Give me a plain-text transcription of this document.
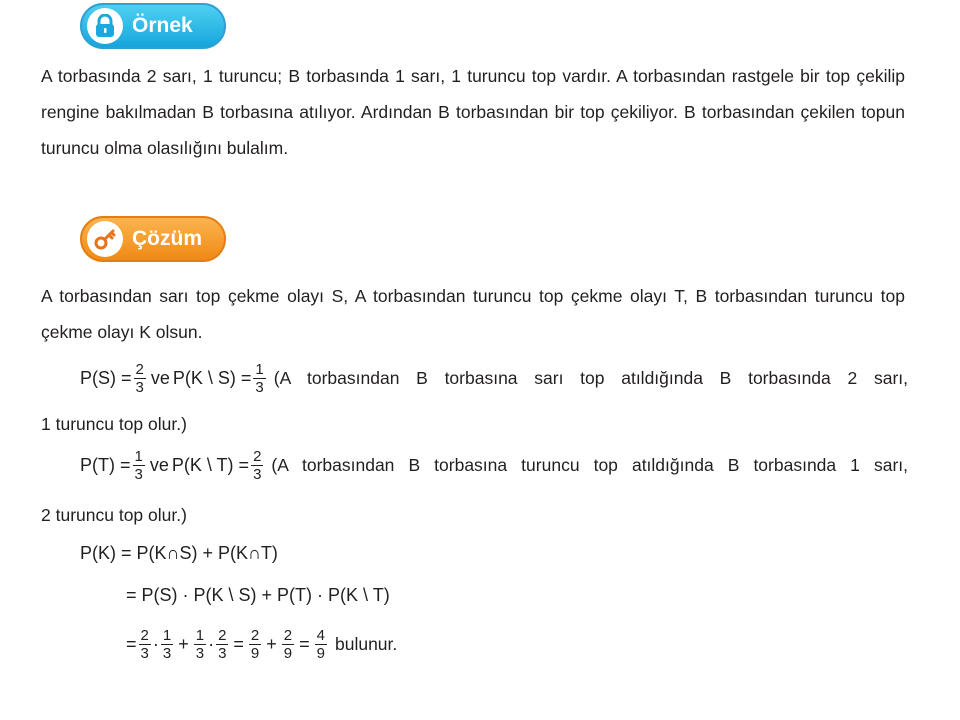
Örnek

A torbasında 2 sarı, 1 turuncu; B torbasında 1 sarı, 1 turuncu top vardır. A torbasından rastgele bir top çekilip rengine bakılmadan B torbasına atılıyor. Ardından B torbasından bir top çekiliyor. B torbasından çekilen topun turuncu olma olasılığını bulalım.

Çözüm

A torbasından sarı top çekme olayı S, A torbasından turuncu top çekme olayı T, B torbasından turuncu top çekme olayı K olsun.

$P(S) = \frac{2}{3}$ ve P(K \ $S) = \frac{1}{3} (A$ torbasından B torbasına sarı top atıldığında B torbasında 2 sarı,

1 turuncu top olur.)

$P(T) = \frac{1}{3}$ ve P(K \ $T) = \frac{2}{3} (A$ torbasından B torbasına turuncu top atıldığında B torbasında 1 sarı,

2 turuncu top olur.)

P(K) = P(K∩S) + P(K∩T)
= P(S) · P(K \ S) + P(T) · P(K \ T)
= $\frac{2}{3} \cdot \frac{1}{3} + \frac{1}{3} \cdot \frac{2}{3} = \frac{2}{9} + \frac{2}{9} = \frac{4}{9}$ bulunur.
